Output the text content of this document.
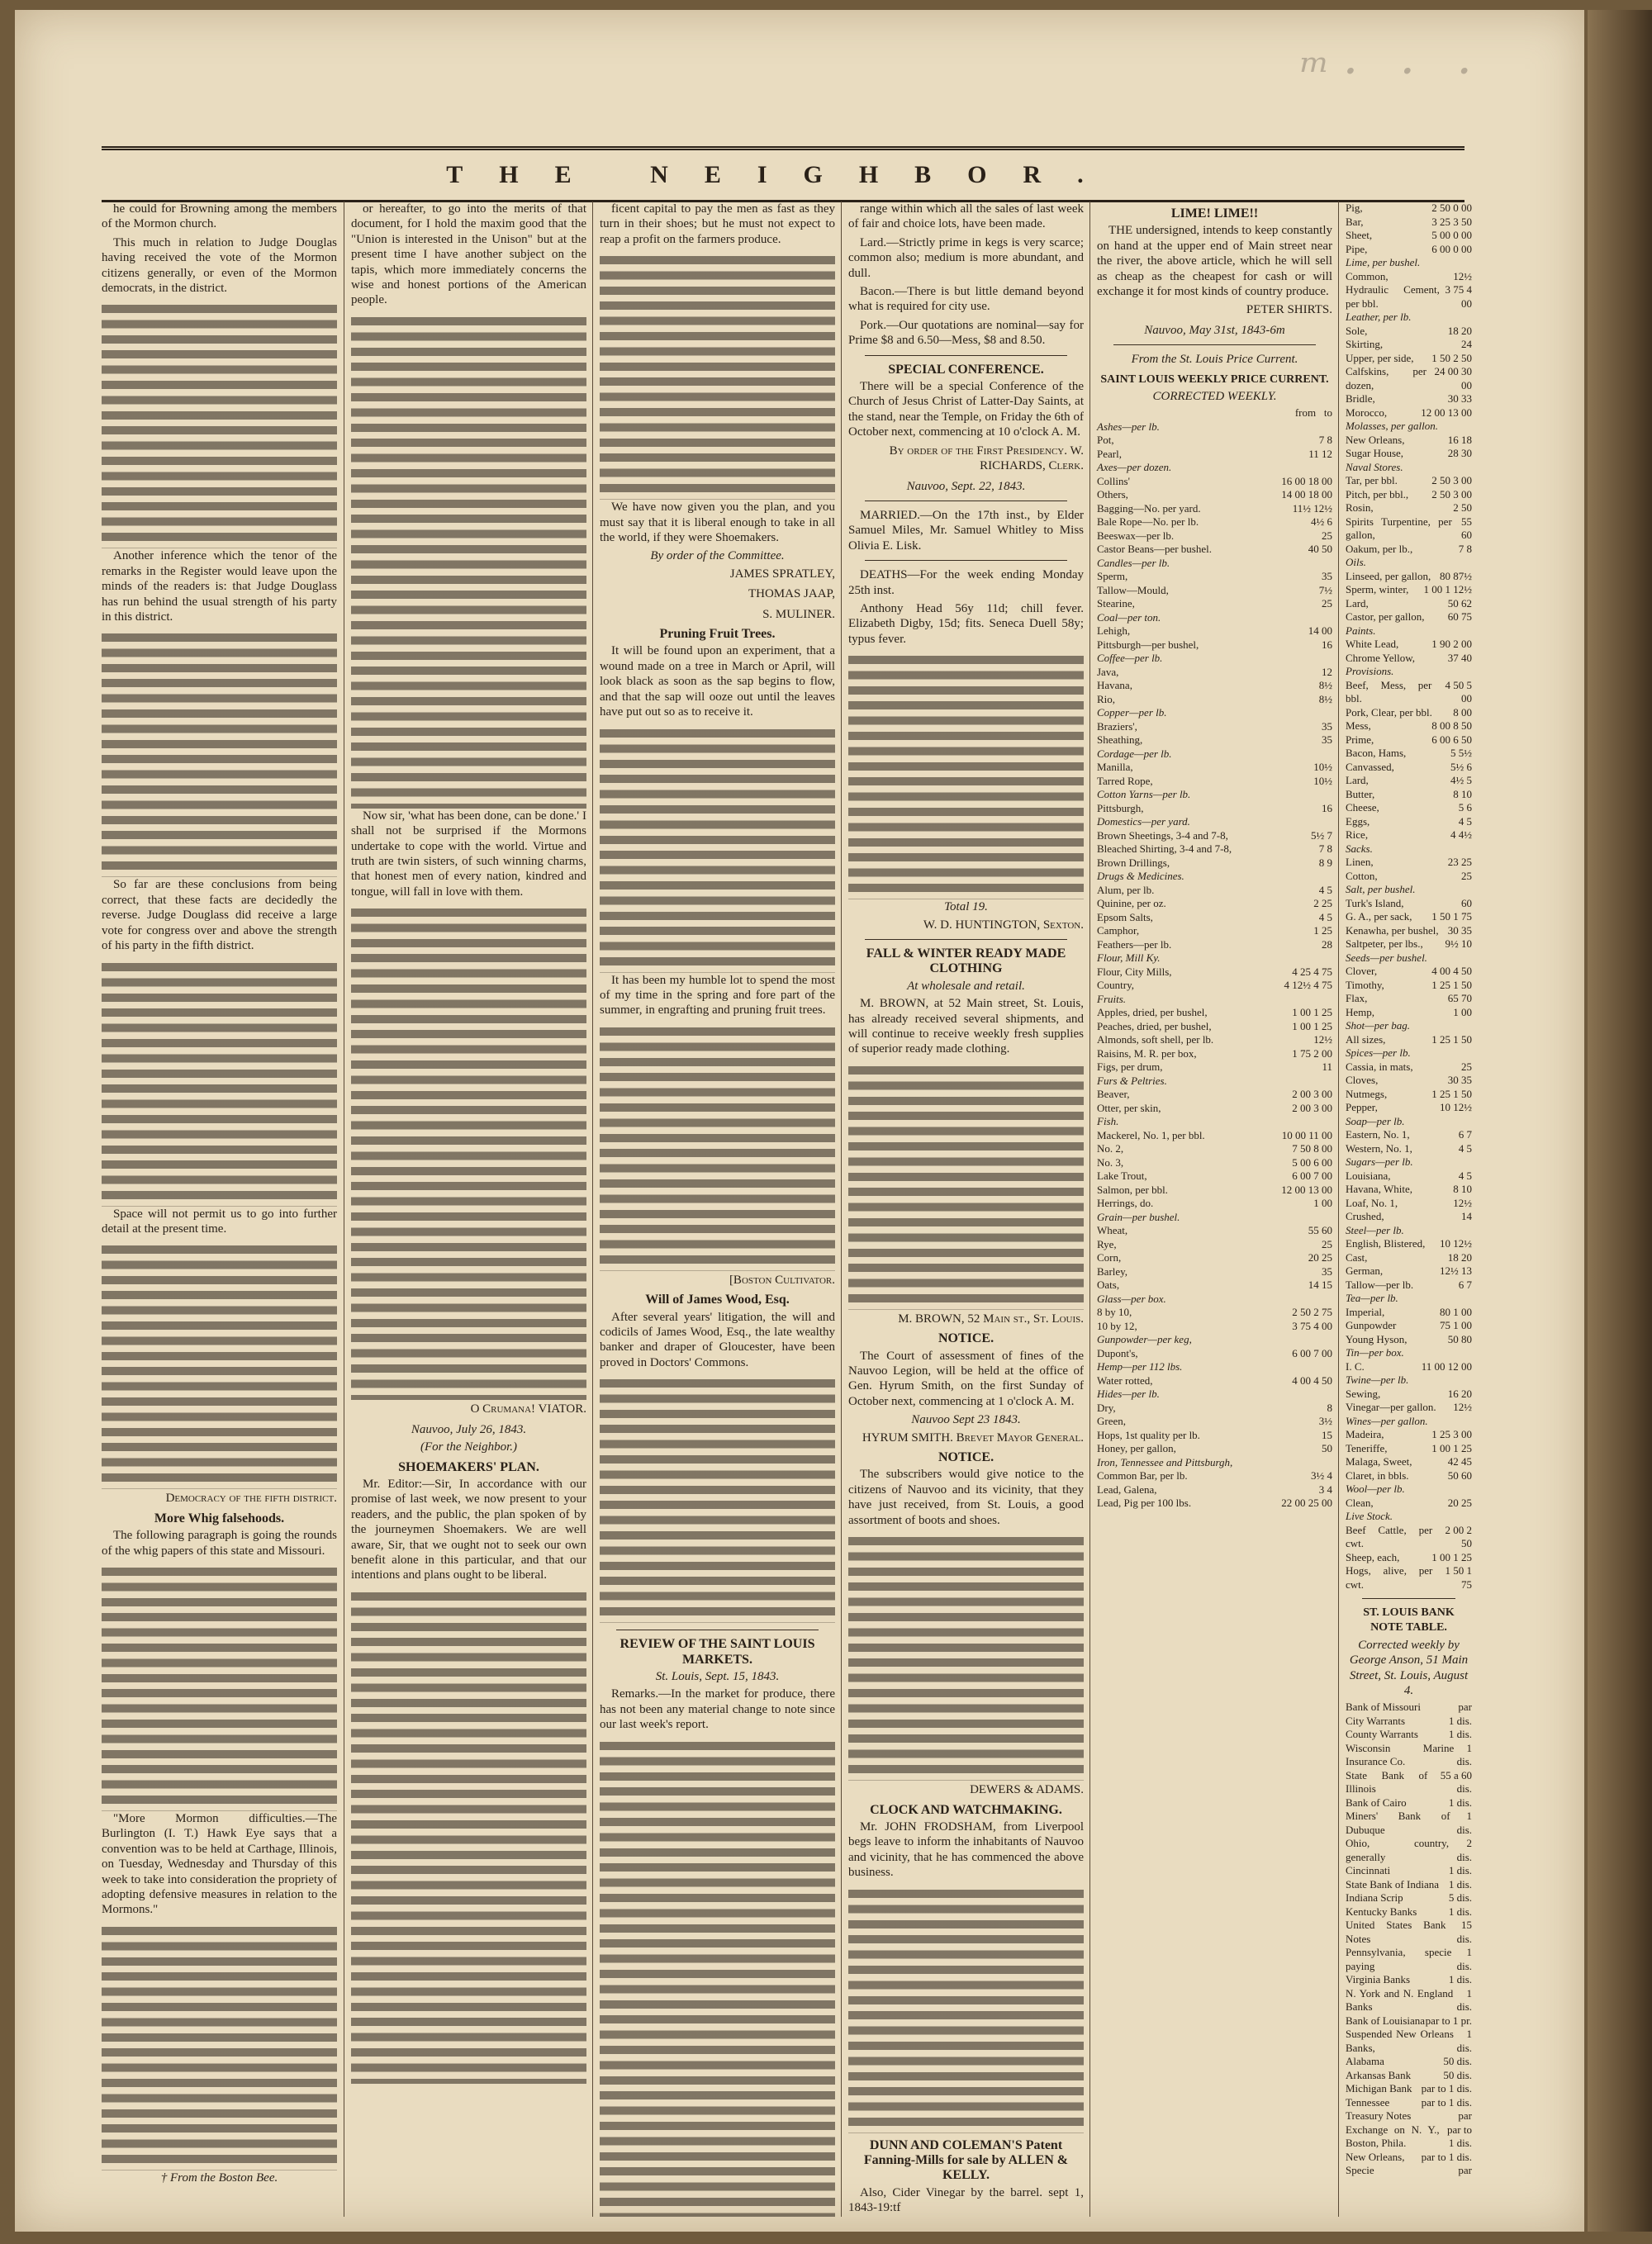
ᵐ· · ·
THE NEIGHBOR.

he could for Browning among the members of the Mormon church.

This much in relation to Judge Douglas having received the vote of the Mormon citizens generally, or even of the Mormon democrats, in the district.

Another inference which the tenor of the remarks in the Register would leave upon the minds of the readers is: that Judge Douglass has run behind the usual strength of his party in this district.

So far are these conclusions from being correct, that these facts are decidedly the reverse. Judge Douglass did receive a large vote for congress over and above the strength of his party in the fifth district.

Space will not permit us to go into further detail at the present time.

Democracy of the fifth district.
More Whig falsehoods.

The following paragraph is going the rounds of the whig papers of this state and Missouri.

"More Mormon difficulties.—The Burlington (I. T.) Hawk Eye says that a convention was to be held at Carthage, Illinois, on Tuesday, Wednesday and Thursday of this week to take into consideration the propriety of adopting defensive measures in relation to the Mormons."

† From the Boston Bee.

or hereafter, to go into the merits of that document, for I hold the maxim good that the "Union is interested in the Unison" but at the present time I have another subject on the tapis, which more immediately concerns the wise and honest portions of the American people.

Now sir, 'what has been done, can be done.' I shall not be surprised if the Mormons undertake to cope with the world. Virtue and truth are twin sisters, of such winning charms, that honest men of every nation, kindred and tongue, will fall in love with them.

O Crumana! VIATOR.
Nauvoo, July 26, 1843.
(For the Neighbor.)
SHOEMAKERS' PLAN.

Mr. Editor:—Sir, In accordance with our promise of last week, we now present to your readers, and the public, the plan spoken of by the journeymen Shoemakers. We are well aware, Sir, that we ought not to seek our own benefit alone in this particular, and that our intentions and plans ought to be liberal.

ficent capital to pay the men as fast as they turn in their shoes; but he must not expect to reap a profit on the farmers produce.

We have now given you the plan, and you must say that it is liberal enough to take in all the world, if they were Shoemakers.

By order of the Committee.
JAMES SPRATLEY,
THOMAS JAAP,
S. MULINER.
Pruning Fruit Trees.

It will be found upon an experiment, that a wound made on a tree in March or April, will look black as soon as the sap begins to flow, and that the sap will ooze out until the leaves have put out so as to receive it.

It has been my humble lot to spend the most of my time in the spring and fore part of the summer, in engrafting and pruning fruit trees.

[Boston Cultivator.
Will of James Wood, Esq.

After several years' litigation, the will and codicils of James Wood, Esq., the late wealthy banker and draper of Gloucester, have been proved in Doctors' Commons.

REVIEW OF THE SAINT LOUIS MARKETS.
St. Louis, Sept. 15, 1843.

Remarks.—In the market for produce, there has not been any material change to note since our last week's report.

range within which all the sales of last week of fair and choice lots, have been made.

Lard.—Strictly prime in kegs is very scarce; common also; medium is more abundant, and dull.

Bacon.—There is but little demand beyond what is required for city use.

Pork.—Our quotations are nominal—say for Prime $8 and 6.50—Mess, $8 and 8.50.

SPECIAL CONFERENCE.

There will be a special Conference of the Church of Jesus Christ of Latter-Day Saints, at the stand, near the Temple, on Friday the 6th of October next, commencing at 10 o'clock A. M.

By order of the First Presidency. W. RICHARDS, Clerk.
Nauvoo, Sept. 22, 1843.

MARRIED.—On the 17th inst., by Elder Samuel Miles, Mr. Samuel Whitley to Miss Olivia E. Lisk.

DEATHS—For the week ending Monday 25th inst.

Anthony Head 56y 11d; chill fever. Elizabeth Digby, 15d; fits. Seneca Duell 58y; typus fever.

Total 19.
W. D. HUNTINGTON, Sexton.
FALL & WINTER READY MADE CLOTHING
At wholesale and retail.

M. BROWN, at 52 Main street, St. Louis, has already received several shipments, and will continue to receive weekly fresh supplies of superior ready made clothing.

M. BROWN, 52 Main st., St. Louis.
NOTICE.

The Court of assessment of fines of the Nauvoo Legion, will be held at the office of Gen. Hyrum Smith, on the first Sunday of October next, commencing at 1 o'clock A. M.

Nauvoo Sept 23 1843.
HYRUM SMITH. Brevet Mayor General.
NOTICE.

The subscribers would give notice to the citizens of Nauvoo and its vicinity, that they have just received, from St. Louis, a good assortment of boots and shoes.

DEWERS & ADAMS.
CLOCK AND WATCHMAKING.

Mr. JOHN FRODSHAM, from Liverpool begs leave to inform the inhabitants of Nauvoo and vicinity, that he has commenced the above business.

DUNN AND COLEMAN'S Patent Fanning-Mills for sale by ALLEN & KELLY.

Also, Cider Vinegar by the barrel. sept 1, 1843-19:tf

LIME! LIME!!

THE undersigned, intends to keep constantly on hand at the upper end of Main street near the river, the above article, which he will sell as cheap as the cheapest for cash or will exchange it for most kinds of country produce.

PETER SHIRTS.
Nauvoo, May 31st, 1843-6m
From the St. Louis Price Current.
SAINT LOUIS WEEKLY PRICE CURRENT.
CORRECTED WEEKLY.
from to
Ashes—per lb.
Pot,	7 8
Pearl,	11 12
Axes—per dozen.
Collins'	16 00 18 00
Others,	14 00 18 00
Bagging—No. per yard.	11½ 12½
Bale Rope—No. per lb.	4½ 6
Beeswax—per lb.	25
Castor Beans—per bushel.	40 50
Candles—per lb.
Sperm,	35
Tallow—Mould,	7½
Stearine,	25
Coal—per ton.
Lehigh,	14 00
Pittsburgh—per bushel,	16
Coffee—per lb.
Java,	12
Havana,	8½
Rio,	8½
Copper—per lb.
Braziers',	35
Sheathing,	35
Cordage—per lb.
Manilla,	10½
Tarred Rope,	10½
Cotton Yarns—per lb.
Pittsburgh,	16
Domestics—per yard.
Brown Sheetings, 3-4 and 7-8,	5½ 7
Bleached Shirting, 3-4 and 7-8,	7 8
Brown Drillings,	8 9
Drugs & Medicines.
Alum, per lb.	4 5
Quinine, per oz.	2 25
Epsom Salts,	4 5
Camphor,	1 25
Feathers—per lb.	28
Flour, Mill Ky.
Flour, City Mills,	4 25 4 75
Country,	4 12½ 4 75
Fruits.
Apples, dried, per bushel,	1 00 1 25
Peaches, dried, per bushel,	1 00 1 25
Almonds, soft shell, per lb.	12½
Raisins, M. R. per box,	1 75 2 00
Figs, per drum,	11
Furs & Peltries.
Beaver,	2 00 3 00
Otter, per skin,	2 00 3 00
Fish.
Mackerel, No. 1, per bbl.	10 00 11 00
No. 2,	7 50 8 00
No. 3,	5 00 6 00
Lake Trout,	6 00 7 00
Salmon, per bbl.	12 00 13 00
Herrings, do.	1 00
Grain—per bushel.
Wheat,	55 60
Rye,	25
Corn,	20 25
Barley,	35
Oats,	14 15
Glass—per box.
8 by 10,	2 50 2 75
10 by 12,	3 75 4 00
Gunpowder—per keg,
Dupont's,	6 00 7 00
Hemp—per 112 lbs.
Water rotted,	4 00 4 50
Hides—per lb.
Dry,	8
Green,	3½
Hops, 1st quality per lb.	15
Honey, per gallon,	50
Iron, Tennessee and Pittsburgh,
Common Bar, per lb.	3½ 4
Lead, Galena,	3 4
Lead, Pig per 100 lbs.	22 00 25 00
Pig,	2 50 0 00
Bar,	3 25 3 50
Sheet,	5 00 0 00
Pipe,	6 00 0 00
Lime, per bushel.
Common,	12½
Hydraulic Cement, per bbl.
3 75 4 00
Leather, per lb.
Sole,	18 20
Skirting,	24
Upper, per side, 1 50 2 50
Calfskins, per dozen,
24 00 30 00
Bridle,	30 33
Morocco,	12 00 13 00
Molasses, per gallon.
New Orleans,	16 18
Sugar House,	28 30
Naval Stores.
Tar, per bbl.	2 50 3 00
Pitch, per bbl., 2 50 3 00
Rosin,	2 50
Spirits Turpentine, per gallon,
55 60
Oakum, per lb.,	7 8
Oils.
Linseed, per gallon, 80 87½
Sperm, winter, 1 00 1 12½
Lard,	50 62
Castor, per gallon, 60 75
Paints.
White Lead,	1 90 2 00
Chrome Yellow,	37 40
Provisions.
Beef, Mess, per bbl.
4 50 5 00
Pork, Clear, per bbl. 8 00
Mess,	8 00 8 50
Prime,	6 00 6 50
Bacon, Hams,	5 5½
Canvassed,	5½ 6
Lard,	4½ 5
Butter,	8 10
Cheese,	5 6
Eggs,	4 5
Rice,	4 4½
Sacks.
Linen,	23 25
Cotton,	25
Salt, per bushel.
Turk's Island,	60
G. A., per sack, 1 50 1 75
Kenawha, per bushel, 30 35
Saltpeter, per lbs., 9½ 10
Seeds—per bushel.
Clover,	4 00 4 50
Timothy,	1 25 1 50
Flax,	65 70
Hemp,	1 00
Shot—per bag.
All sizes,	1 25 1 50
Spices—per lb.
Cassia, in mats,	25
Cloves,	30 35
Nutmegs,	1 25 1 50
Pepper,	10 12½
Soap—per lb.
Eastern, No. 1,	6 7
Western, No. 1,	4 5
Sugars—per lb.
Louisiana,	4 5
Havana, White,	8 10
Loaf, No. 1,	12½
Crushed,	14
Steel—per lb.
English, Blistered, 10 12½
Cast,	18 20
German,	12½ 13
Tallow—per lb.	6 7
Tea—per lb.
Imperial,	80 1 00
Gunpowder	75 1 00
Young Hyson,	50 80
Tin—per box.
I. C.	11 00 12 00
Twine—per lb.
Sewing,	16 20
Vinegar—per gallon. 12½
Wines—per gallon.
Madeira,	1 25 3 00
Teneriffe,	1 00 1 25
Malaga, Sweet,	42 45
Claret, in bbls.	50 60
Wool—per lb.
Clean,	20 25
Live Stock.
Beef Cattle, per cwt.
2 00 2 50
Sheep, each,	1 00 1 25
Hogs, alive, per cwt.
1 50 1 75
ST. LOUIS BANK NOTE TABLE.
Corrected weekly by George Anson, 51 Main Street, St. Louis, August 4.
Bank of Missouri	par
City Warrants	1 dis.
County Warrants	1 dis.
Wisconsin Marine Insurance Co.
1 dis.
State Bank of Illinois
55 a 60 dis.
Bank of Cairo	1 dis.
Miners' Bank of Dubuque
1 dis.
Ohio, country, generally
2 dis.
Cincinnati	1 dis.
State Bank of Indiana 1 dis.
Indiana Scrip	5 dis.
Kentucky Banks	1 dis.
United States Bank Notes
15 dis.
Pennsylvania, specie paying
1 dis.
Virginia Banks	1 dis.
N. York and N. England Banks
1 dis.
Bank of Louisiana par to 1 pr.
Suspended New Orleans Banks,
1 dis.
Alabama	50 dis.
Arkansas Bank	50 dis.
Michigan Bank par to 1 dis.
Tennessee	par to 1 dis.
Treasury Notes	par
Exchange on N. Y., Boston, Phila.
par to 1 dis.
New Orleans, par to 1 dis.
Specie	par
